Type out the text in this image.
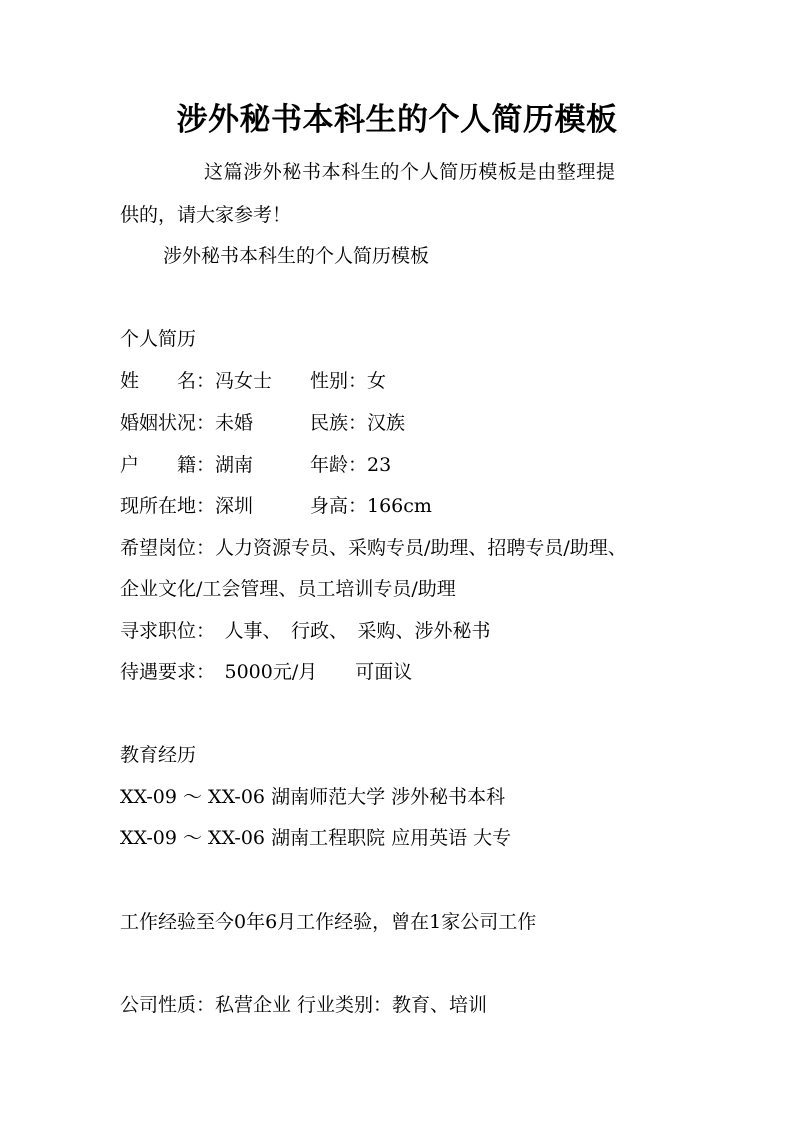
涉外秘书本科生的个人简历模板
这篇涉外秘书本科生的个人简历模板是由整理提
供的，请大家参考！
涉外秘书本科生的个人简历模板
个人简历
姓　　名：冯女士　　性别：女
婚姻状况：未婚　　　民族：汉族
户　　籍：湖南　　　年龄：23
现所在地：深圳　　　身高：166cm
希望岗位：人力资源专员、采购专员/助理、招聘专员/助理、
企业文化/工会管理、员工培训专员/助理
寻求职位：　人事、　行政、　采购、涉外秘书
待遇要求：　5000元/月　　可面议
教育经历
XX-09 ～ XX-06 湖南师范大学 涉外秘书本科
XX-09 ～ XX-06 湖南工程职院 应用英语 大专
工作经验至今0年6月工作经验，曾在1家公司工作
公司性质：私营企业 行业类别：教育、培训
